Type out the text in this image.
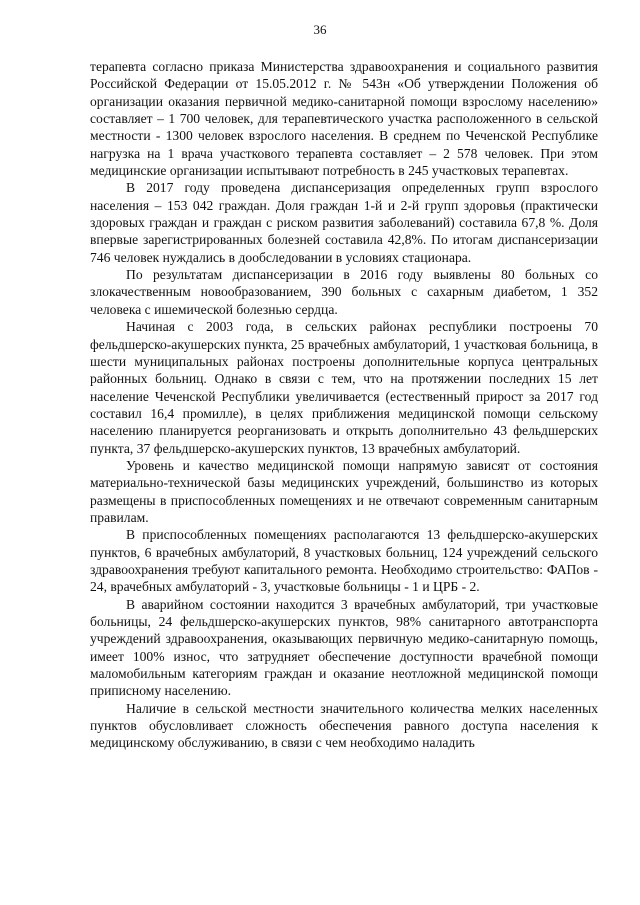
36

терапевта согласно приказа Министерства здравоохранения и социального развития Российской Федерации от 15.05.2012 г. № 543н «Об утверждении Положения об организации оказания первичной медико-санитарной помощи взрослому населению» составляет – 1 700 человек, для терапевтического участка расположенного в сельской местности - 1300 человек взрослого населения. В среднем по Чеченской Республике нагрузка на 1 врача участкового терапевта составляет – 2 578 человек. При этом медицинские организации испытывают потребность в 245 участковых терапевтах.

В 2017 году проведена диспансеризация определенных групп взрослого населения – 153 042 граждан. Доля граждан 1-й и 2-й групп здоровья (практически здоровых граждан и граждан с риском развития заболеваний) составила 67,8 %. Доля впервые зарегистрированных болезней составила 42,8%. По итогам диспансеризации 746 человек нуждались в дообследовании в условиях стационара.

По результатам диспансеризации в 2016 году выявлены 80 больных со злокачественным новообразованием, 390 больных с сахарным диабетом, 1 352 человека с ишемической болезнью сердца.

Начиная с 2003 года, в сельских районах республики построены 70 фельдшерско-акушерских пункта, 25 врачебных амбулаторий, 1 участковая больница, в шести муниципальных районах построены дополнительные корпуса центральных районных больниц. Однако в связи с тем, что на протяжении последних 15 лет население Чеченской Республики увеличивается (естественный прирост за 2017 год составил 16,4 промилле), в целях приближения медицинской помощи сельскому населению планируется реорганизовать и открыть дополнительно 43 фельдшерских пункта, 37 фельдшерско-акушерских пунктов, 13 врачебных амбулаторий.

Уровень и качество медицинской помощи напрямую зависят от состояния материально-технической базы медицинских учреждений, большинство из которых размещены в приспособленных помещениях и не отвечают современным санитарным правилам.

В приспособленных помещениях располагаются 13 фельдшерско-акушерских пунктов, 6 врачебных амбулаторий, 8 участковых больниц, 124 учреждений сельского здравоохранения требуют капитального ремонта. Необходимо строительство: ФАПов - 24, врачебных амбулаторий - 3, участковые больницы - 1 и ЦРБ - 2.

В аварийном состоянии находится 3 врачебных амбулаторий, три участковые больницы, 24 фельдшерско-акушерских пунктов, 98% санитарного автотранспорта учреждений здравоохранения, оказывающих первичную медико-санитарную помощь, имеет 100% износ, что затрудняет обеспечение доступности врачебной помощи маломобильным категориям граждан и оказание неотложной медицинской помощи приписному населению.

Наличие в сельской местности значительного количества мелких населенных пунктов обусловливает сложность обеспечения равного доступа населения к медицинскому обслуживанию, в связи с чем необходимо наладить
